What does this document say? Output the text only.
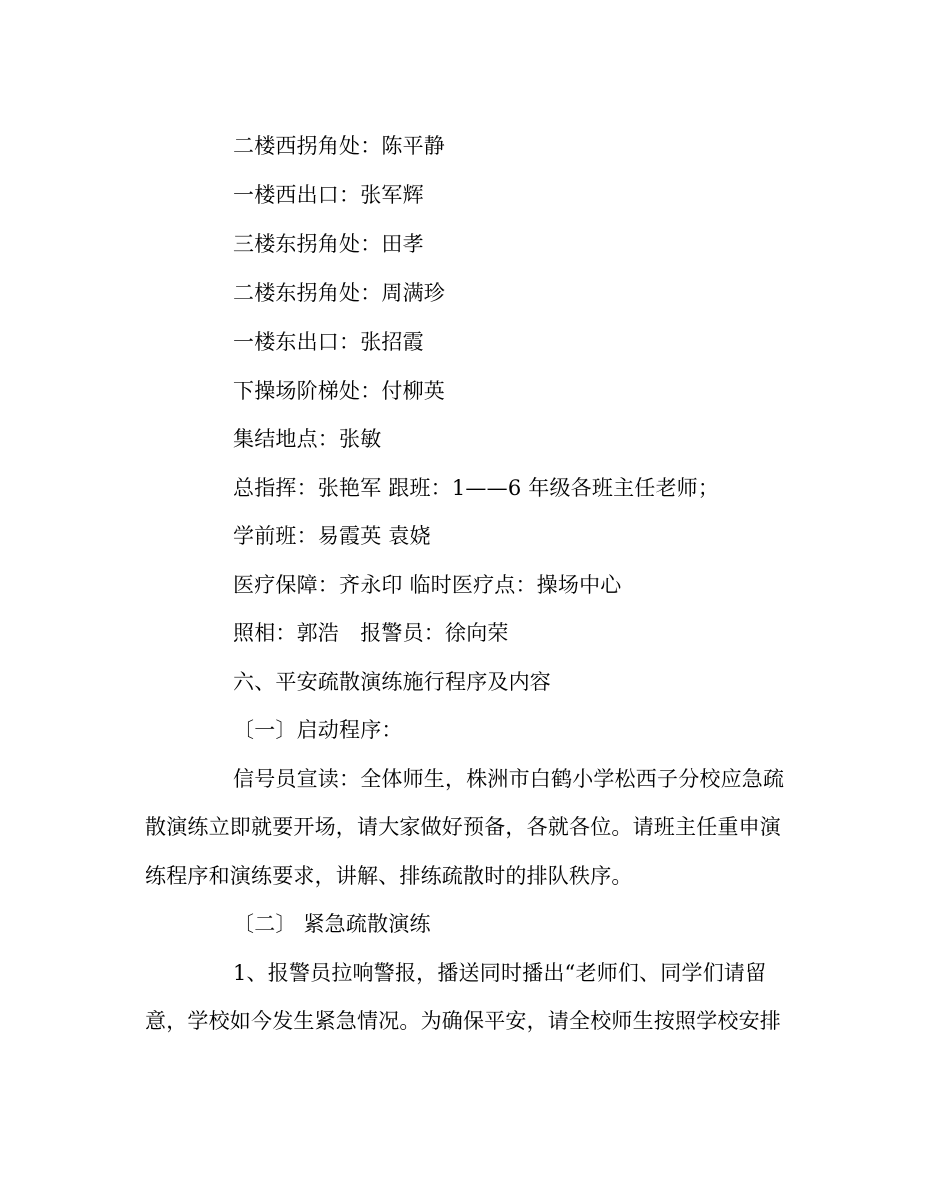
二楼西拐角处：陈平静
一楼西出口：张军辉
三楼东拐角处：田孝
二楼东拐角处：周满珍
一楼东出口：张招霞
下操场阶梯处：付柳英
集结地点：张敏
总指挥：张艳军 跟班：1——6 年级各班主任老师；
学前班：易霞英 袁娆
医疗保障：齐永印 临时医疗点：操场中心
照相：郭浩　报警员：徐向荣
六、平安疏散演练施行程序及内容
〔一〕启动程序：
信号员宣读：全体师生，株洲市白鹤小学松西子分校应急疏
散演练立即就要开场，请大家做好预备，各就各位。请班主任重申演
练程序和演练要求，讲解、排练疏散时的排队秩序。
〔二〕 紧急疏散演练
1、报警员拉响警报，播送同时播出“老师们、同学们请留
意，学校如今发生紧急情况。为确保平安，请全校师生按照学校安排
